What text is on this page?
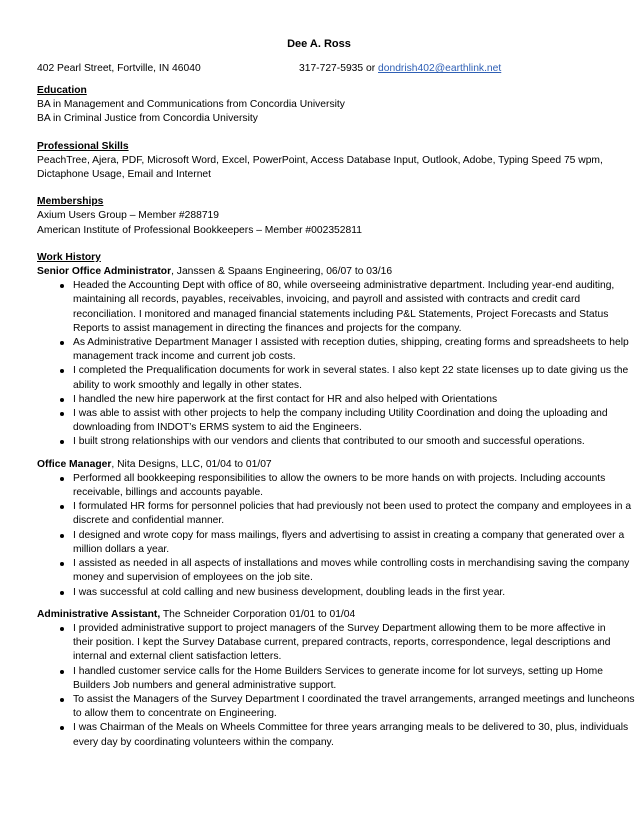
Dee A. Ross
402 Pearl Street, Fortville, IN 46040	317-727-5935 or dondrish402@earthlink.net
Education
BA in Management and Communications from Concordia University
BA in Criminal Justice from Concordia University
Professional Skills
PeachTree, Ajera, PDF, Microsoft Word, Excel, PowerPoint, Access Database Input, Outlook, Adobe, Typing Speed 75 wpm,
Dictaphone Usage, Email and Internet
Memberships
Axium Users Group – Member #288719
American Institute of Professional Bookkeepers – Member #002352811
Work History
Senior Office Administrator, Janssen & Spaans Engineering, 06/07 to 03/16
Headed the Accounting Dept with office of 80, while overseeing administrative department. Including year-end auditing,
maintaining all records, payables, receivables, invoicing, and payroll and assisted with contracts and credit card
reconciliation. I monitored and managed financial statements including P&L Statements, Project Forecasts and Status
Reports to assist management in directing the finances and projects for the company.
As Administrative Department Manager I assisted with reception duties, shipping, creating forms and spreadsheets to help
management track income and current job costs.
I completed the Prequalification documents for work in several states. I also kept 22 state licenses up to date giving us the
ability to work smoothly and legally in other states.
I handled the new hire paperwork at the first contact for HR and also helped with Orientations
I was able to assist with other projects to help the company including Utility Coordination and doing the uploading and
downloading from INDOT’s ERMS system to aid the Engineers.
I built strong relationships with our vendors and clients that contributed to our smooth and successful operations.
Office Manager, Nita Designs, LLC, 01/04 to 01/07
Performed all bookkeeping responsibilities to allow the owners to be more hands on with projects. Including accounts
receivable, billings and accounts payable.
I formulated HR forms for personnel policies that had previously not been used to protect the company and employees in a
discrete and confidential manner.
I designed and wrote copy for mass mailings, flyers and advertising to assist in creating a company that generated over a
million dollars a year.
I assisted as needed in all aspects of installations and moves while controlling costs in merchandising saving the company
money and supervision of employees on the job site.
I was successful at cold calling and new business development, doubling leads in the first year.
Administrative Assistant, The Schneider Corporation 01/01 to 01/04
I provided administrative support to project managers of the Survey Department allowing them to be more affective in
their position. I kept the Survey Database current, prepared contracts, reports, correspondence, legal descriptions and
internal and external client satisfaction letters.
I handled customer service calls for the Home Builders Services to generate income for lot surveys, setting up Home
Builders Job numbers and general administrative support.
To assist the Managers of the Survey Department I coordinated the travel arrangements, arranged meetings and luncheons
to allow them to concentrate on Engineering.
I was Chairman of the Meals on Wheels Committee for three years arranging meals to be delivered to 30, plus, individuals
every day by coordinating volunteers within the company.
